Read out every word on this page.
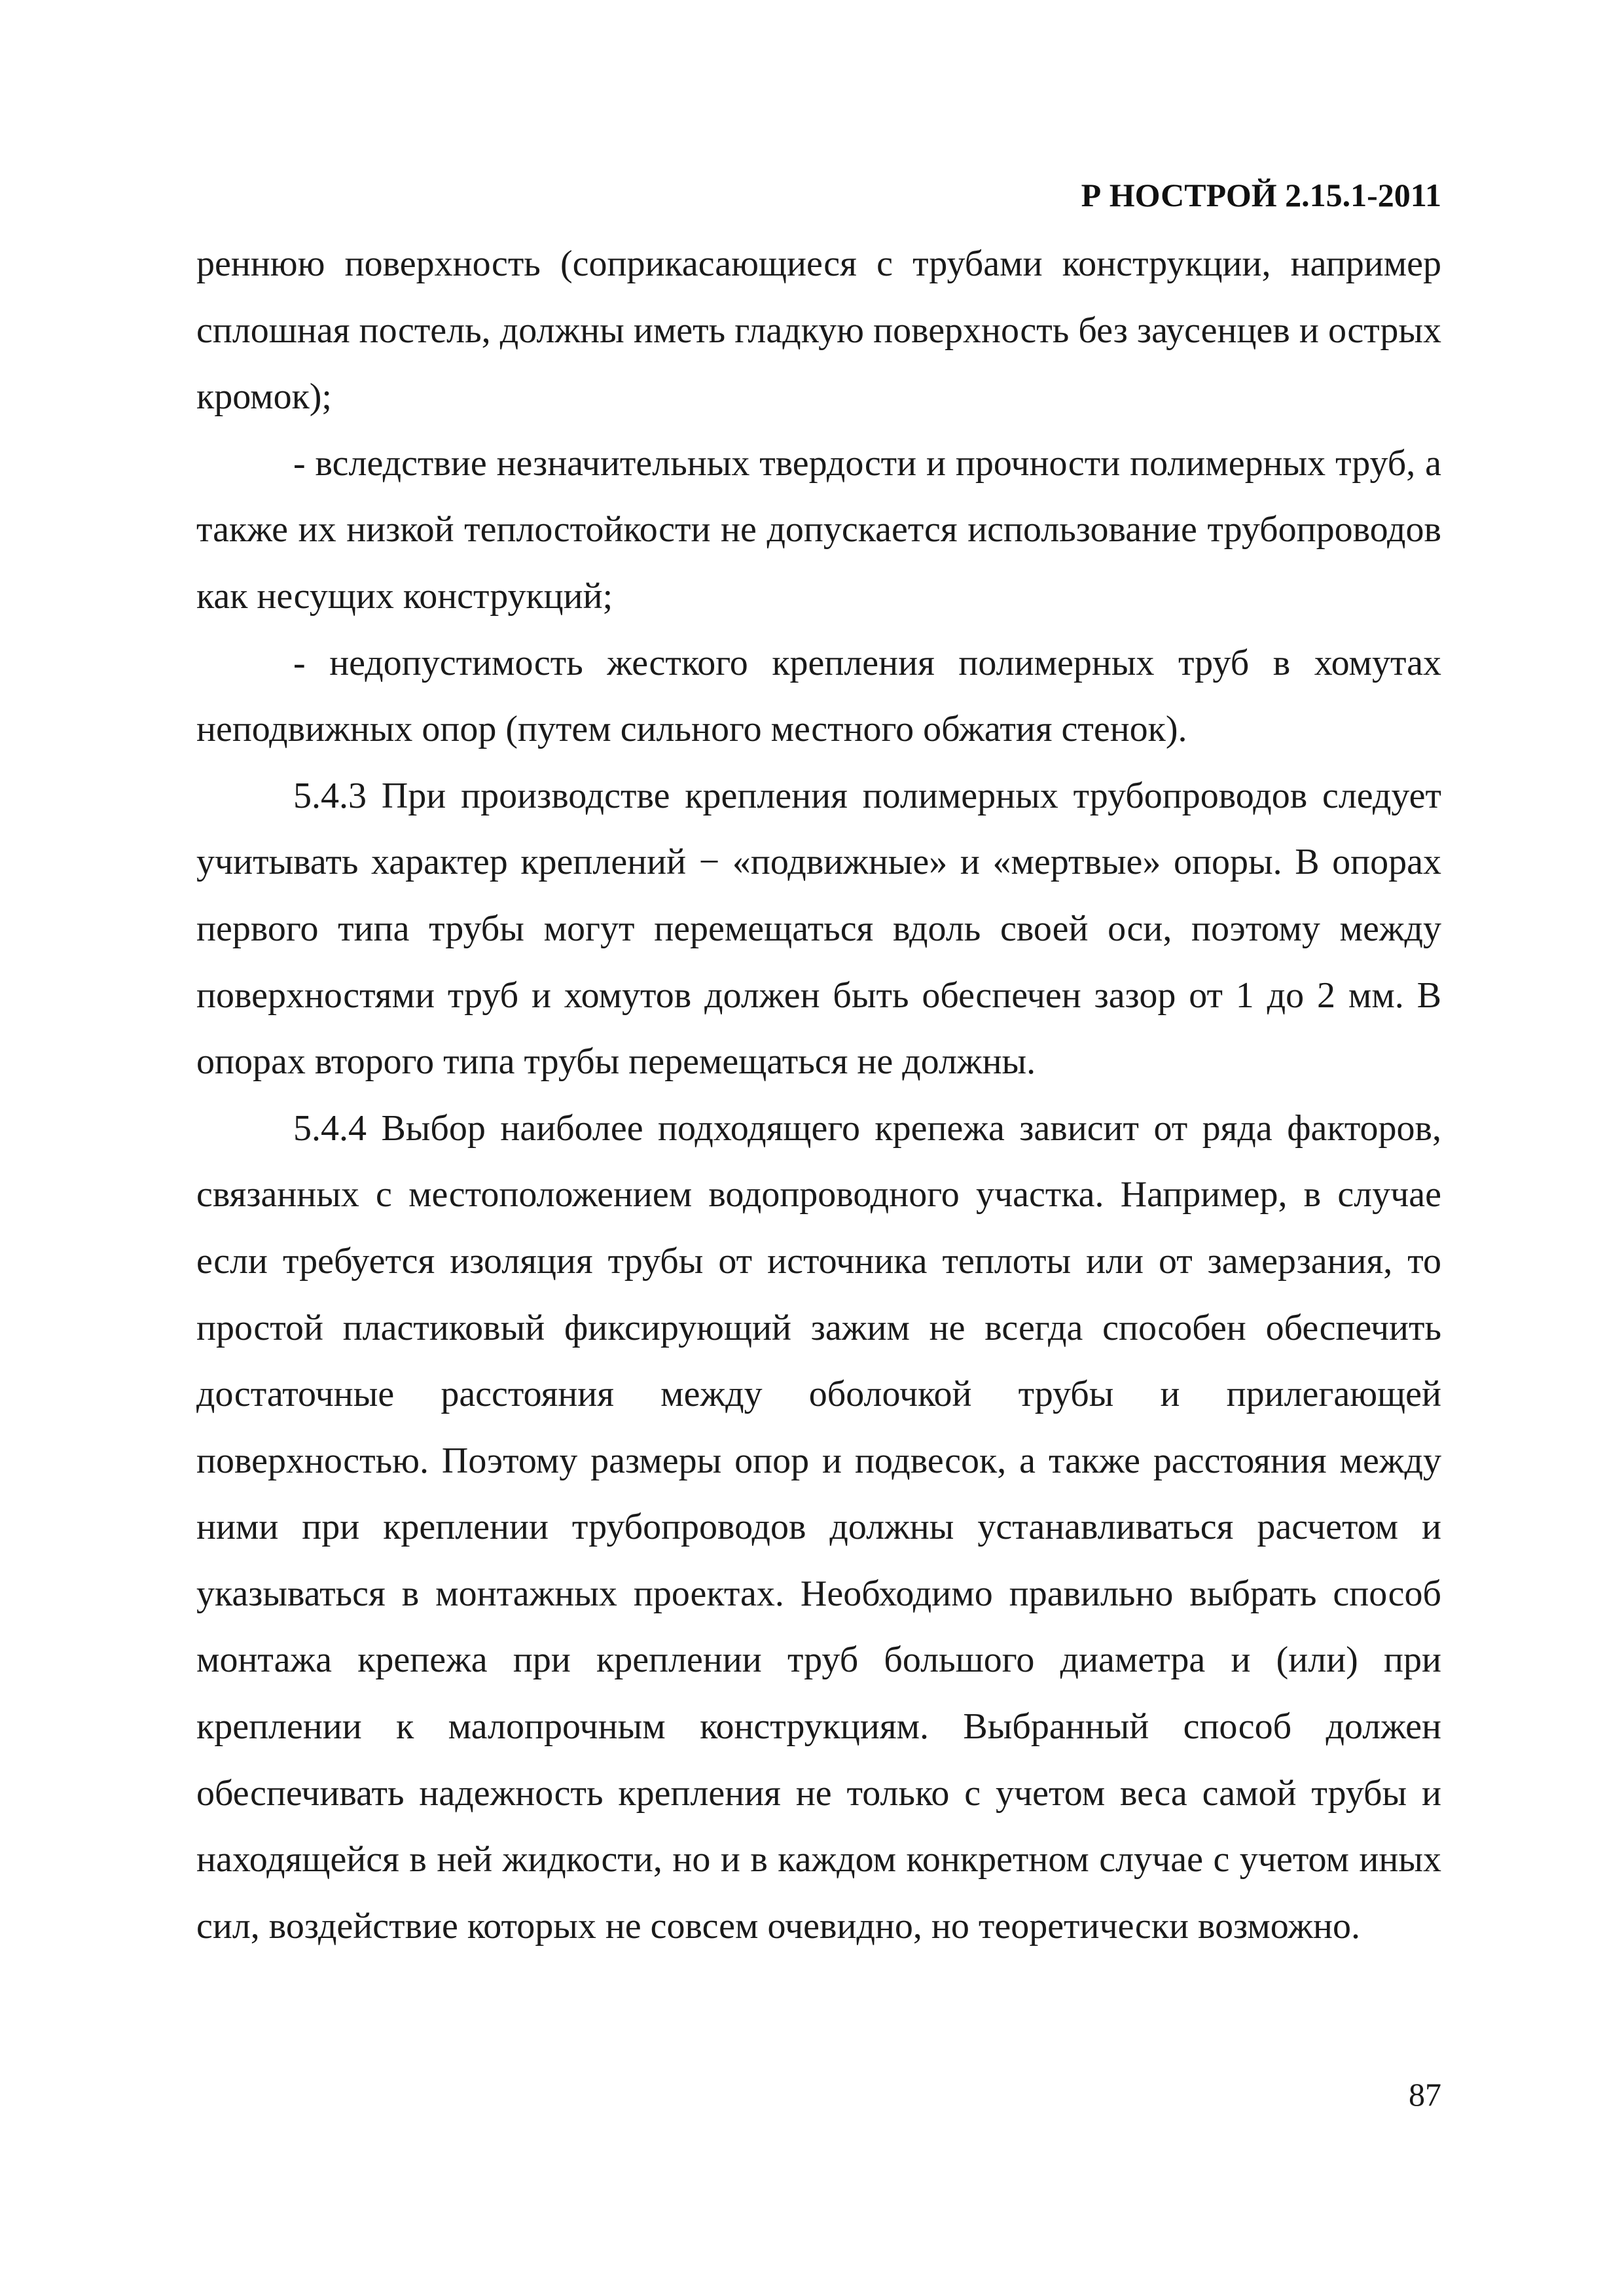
Р НОСТРОЙ 2.15.1-2011

реннюю поверхность (соприкасающиеся с трубами конструкции, например сплошная постель, должны иметь гладкую поверхность без заусенцев и острых кромок);

- вследствие незначительных твердости и прочности полимерных труб, а также их низкой теплостойкости не допускается использование трубопроводов как несущих конструкций;

- недопустимость жесткого крепления полимерных труб в хомутах неподвижных опор (путем сильного местного обжатия стенок).

5.4.3 При производстве крепления полимерных трубопроводов следует учитывать характер креплений − «подвижные» и «мертвые» опоры. В опорах первого типа трубы могут перемещаться вдоль своей оси, поэтому между поверхностями труб и хомутов должен быть обеспечен зазор от 1 до 2 мм. В опорах второго типа трубы перемещаться не должны.

5.4.4 Выбор наиболее подходящего крепежа зависит от ряда факторов, связанных с местоположением водопроводного участка. Например, в случае если требуется изоляция трубы от источника теплоты или от замерзания, то простой пластиковый фиксирующий зажим не всегда способен обеспечить достаточные расстояния между оболочкой трубы и прилегающей поверхностью. Поэтому размеры опор и подвесок, а также расстояния между ними при креплении трубопроводов должны устанавливаться расчетом и указываться в монтажных проектах. Необходимо правильно выбрать способ монтажа крепежа при креплении труб большого диаметра и (или) при креплении к малопрочным конструкциям. Выбранный способ должен обеспечивать надежность крепления не только с учетом веса самой трубы и находящейся в ней жидкости, но и в каждом конкретном случае с учетом иных сил, воздействие которых не совсем очевидно, но теоретически возможно.

87
